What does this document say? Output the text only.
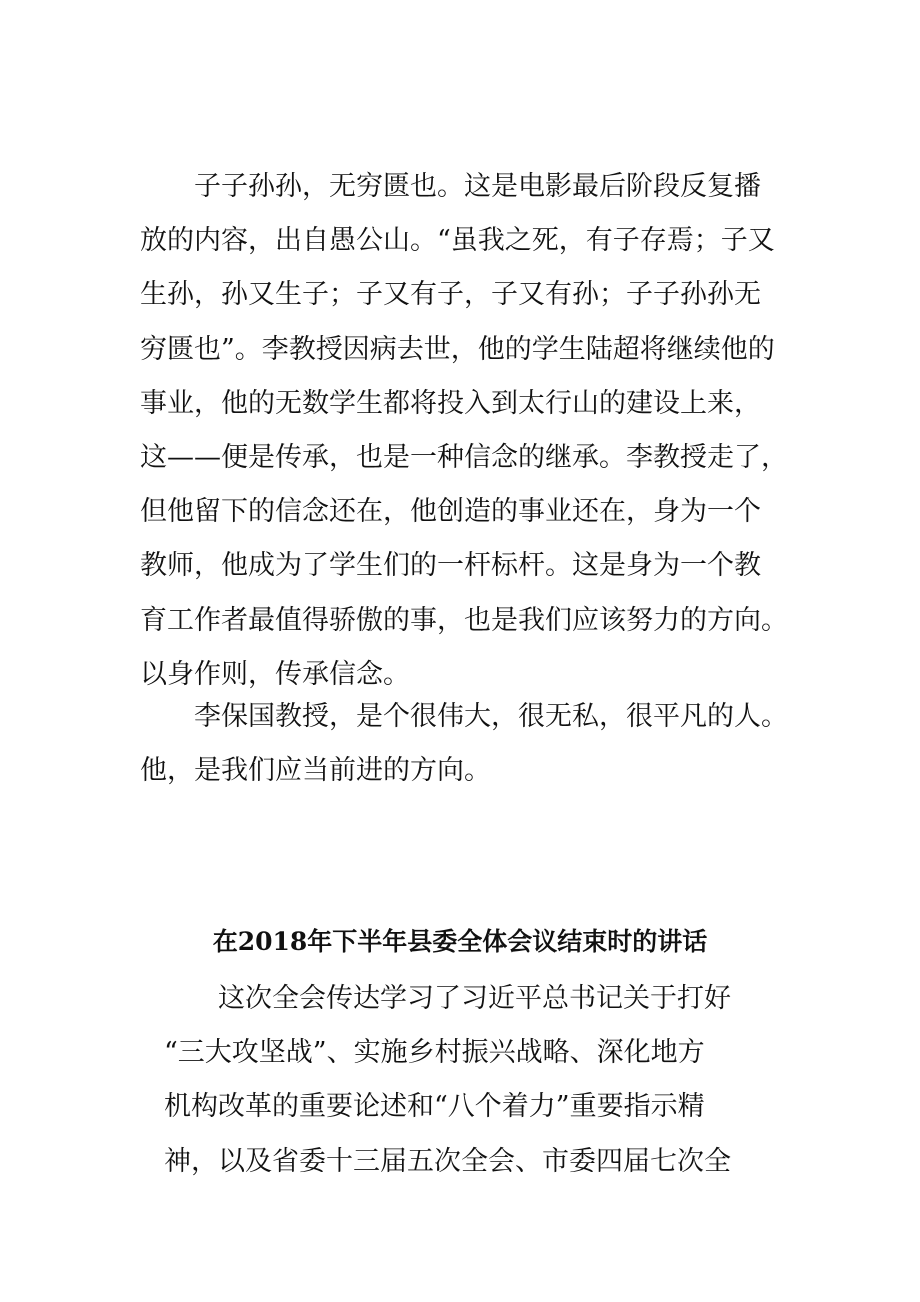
子子孙孙，无穷匮也。这是电影最后阶段反复播
放的内容，出自愚公山。“虽我之死，有子存焉；子又
生孙，孙又生子；子又有子，子又有孙；子子孙孙无
穷匮也”。李教授因病去世，他的学生陆超将继续他的
事业，他的无数学生都将投入到太行山的建设上来，
这——便是传承，也是一种信念的继承。李教授走了，
但他留下的信念还在，他创造的事业还在，身为一个
教师，他成为了学生们的一杆标杆。这是身为一个教
育工作者最值得骄傲的事，也是我们应该努力的方向。
以身作则，传承信念。

李保国教授，是个很伟大，很无私，很平凡的人。
他，是我们应当前进的方向。

在2018年下半年县委全体会议结束时的讲话

这次全会传达学习了习近平总书记关于打好
“三大攻坚战”、实施乡村振兴战略、深化地方
机构改革的重要论述和“八个着力”重要指示精
神，以及省委十三届五次全会、市委四届七次全
